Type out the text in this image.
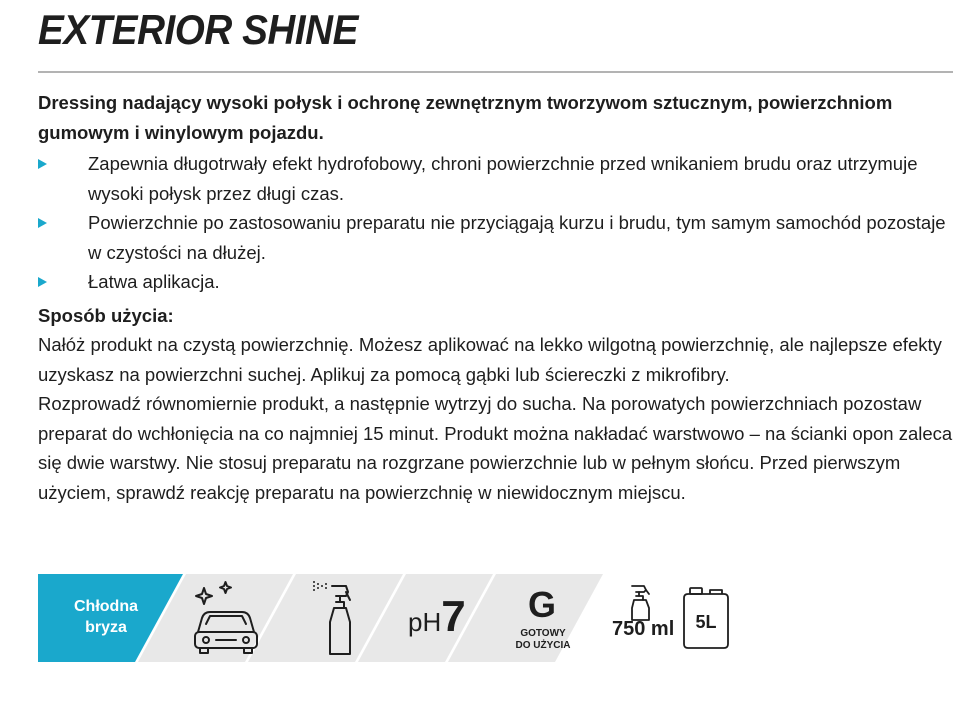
EXTERIOR SHINE

Dressing nadający wysoki połysk i ochronę zewnętrznym tworzywom sztucznym, powierzchniom gumowym i winylowym pojazdu.

Zapewnia długotrwały efekt hydrofobowy, chroni powierzchnie przed wnikaniem brudu oraz utrzymuje wysoki połysk przez długi czas.
Powierzchnie po zastosowaniu preparatu nie przyciągają kurzu i brudu, tym samym samochód pozostaje w czystości na dłużej.
Łatwa aplikacja.

Sposób użycia:

Nałóż produkt na czystą powierzchnię. Możesz aplikować na lekko wilgotną powierzchnię, ale najlepsze efekty uzyskasz na powierzchni suchej. Aplikuj za pomocą gąbki lub ściereczki z mikrofibry.

Rozprowadź równomiernie produkt, a następnie wytrzyj do sucha. Na porowatych powierzchniach pozostaw preparat do wchłonięcia na co najmniej 15 minut. Produkt można nakładać warstwowo – na ścianki opon zaleca się dwie warstwy. Nie stosuj preparatu na rozgrzane powierzchnie lub w pełnym słońcu. Przed pierwszym użyciem, sprawdź reakcję preparatu na powierzchnię w niewidocznym miejscu.

Chłodna
bryza	pH7 G
GOTOWY
DO UŻYCIA
750 ml	5L
